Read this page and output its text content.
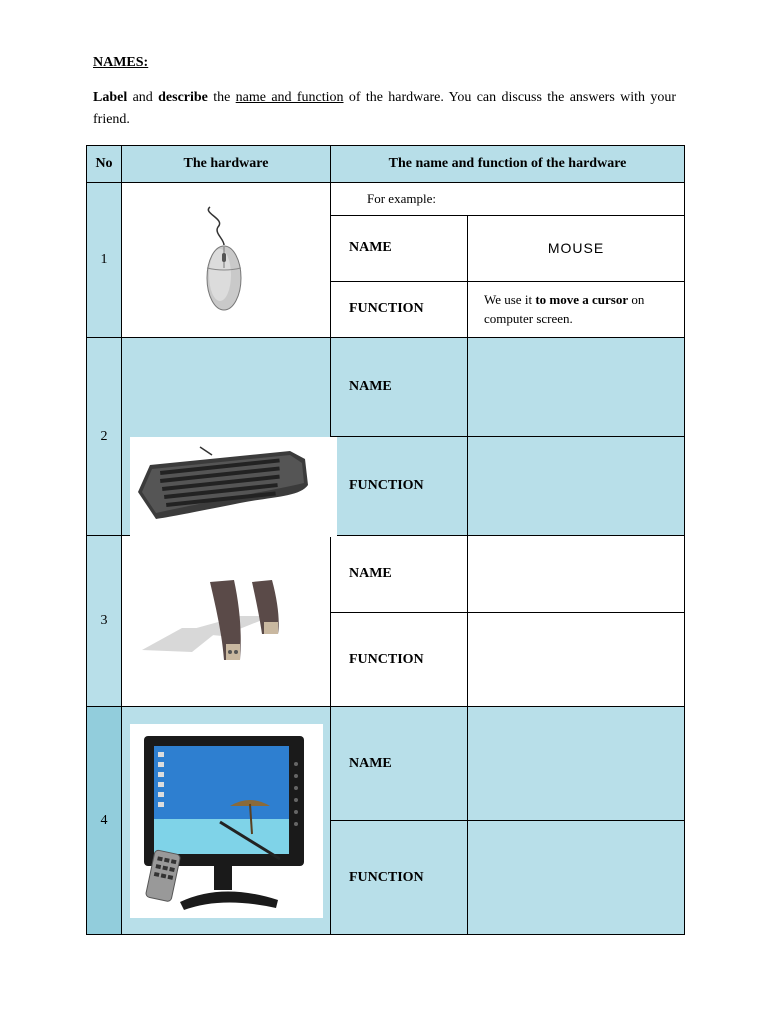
NAMES:
Label and describe the name and function of the hardware. You can discuss the answers with your friend.
No	The hardware	The name and function of the hardware	
1		For example:	
		NAME	MOUSE
		FUNCTION	We use it to move a cursor on computer screen.
2		NAME	
		FUNCTION	
3		NAME	
		FUNCTION	
4		NAME	
		FUNCTION	
